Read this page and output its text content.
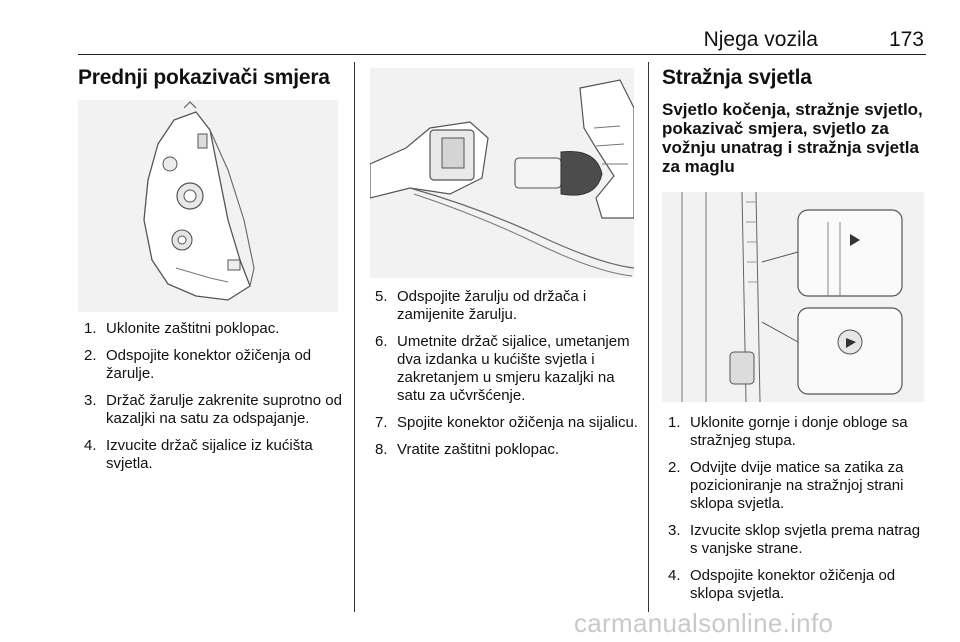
Njega vozila	173
Prednji pokazivači smjera
1. Uklonite zaštitni poklopac.
2. Odspojite konektor ožičenja od žarulje.
3. Držač žarulje zakrenite suprotno od kazaljki na satu za odspajanje.
4. Izvucite držač sijalice iz kućišta svjetla.
5. Odspojite žarulju od držača i zamijenite žarulju.
6. Umetnite držač sijalice, umetanjem dva izdanka u kućište svjetla i zakretanjem u smjeru kazaljki na satu za učvršćenje.
7. Spojite konektor ožičenja na sijalicu.
8. Vratite zaštitni poklopac.
Stražnja svjetla
Svjetlo kočenja, stražnje svjetlo, pokazivač smjera, svjetlo za vožnju unatrag i stražnja svjetla za maglu
1. Uklonite gornje i donje obloge sa stražnjeg stupa.
2. Odvijte dvije matice sa zatika za pozicioniranje na stražnjoj strani sklopa svjetla.
3. Izvucite sklop svjetla prema natrag s vanjske strane.
4. Odspojite konektor ožičenja od sklopa svjetla.
carmanualsonline.info
